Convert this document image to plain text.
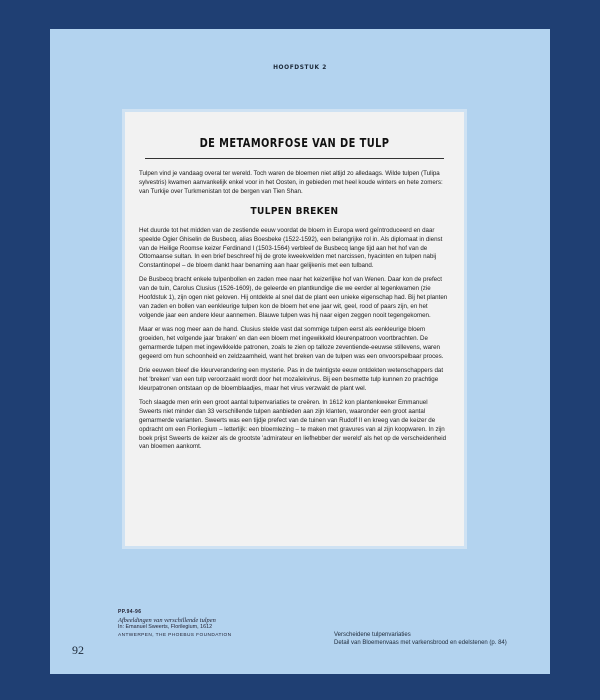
HOOFDSTUK 2
DE METAMORFOSE VAN DE TULP

Tulpen vind je vandaag overal ter wereld. Toch waren de bloemen niet altijd zo alledaags. Wilde tulpen (Tulipa sylvestris) kwamen aanvankelijk enkel voor in het Oosten, in gebieden met heel koude winters en hete zomers: van Turkije over Turkmenistan tot de bergen van Tien Shan.

TULPEN BREKEN

Het duurde tot het midden van de zestiende eeuw voordat de bloem in Europa werd geïntroduceerd en daar speelde Ogier Ghiselin de Busbecq, alias Boesbeke (1522-1592), een belangrijke rol in. Als diplomaat in dienst van de Heilige Roomse keizer Ferdinand I (1503-1564) verbleef de Busbecq lange tijd aan het hof van de Ottomaanse sultan. In een brief beschreef hij de grote kweekvelden met narcissen, hyacinten en tulpen nabij Constantinopel – de bloem dankt haar benaming aan haar gelijkenis met een tulband.

De Busbecq bracht enkele tulpenbollen en zaden mee naar het keizerlijke hof van Wenen. Daar kon de prefect van de tuin, Carolus Clusius (1526-1609), de geleerde en plantkundige die we eerder al tegenkwamen (zie Hoofdstuk 1), zijn ogen niet geloven. Hij ontdekte al snel dat de plant een unieke eigenschap had. Bij het planten van zaden en bollen van eenkleurige tulpen kon de bloem het ene jaar wit, geel, rood of paars zijn, en het volgende jaar een andere kleur aannemen. Blauwe tulpen was hij naar eigen zeggen nooit tegengekomen.

Maar er was nog meer aan de hand. Clusius stelde vast dat sommige tulpen eerst als eenkleurige bloem groeiden, het volgende jaar 'braken' en dan een bloem met ingewikkeld kleurenpatroon voortbrachten. De gemarmerde tulpen met ingewikkelde patronen, zoals te zien op talloze zeventiende-eeuwse stillevens, waren gegeerd om hun schoonheid en zeldzaamheid, want het breken van de tulpen was een onvoorspelbaar proces.

Drie eeuwen bleef die kleurverandering een mysterie. Pas in de twintigste eeuw ontdekten wetenschappers dat het 'breken' van een tulp veroorzaakt wordt door het mozaïekvirus. Bij een besmette tulp kunnen zo prachtige kleurpatronen ontstaan op de bloemblaadjes, maar het virus verzwakt de plant wel.

Toch slaagde men erin een groot aantal tulpenvariaties te creëren. In 1612 kon plantenkweker Emmanuel Sweerts niet minder dan 33 verschillende tulpen aanbieden aan zijn klanten, waaronder een groot aantal gemarmerde varianten. Sweerts was een tijdje prefect van de tuinen van Rudolf II en kreeg van de keizer de opdracht om een Florilegium – letterlijk: een bloemlezing – te maken met gravures van al zijn koopwaren. In zijn boek prijst Sweerts de keizer als de grootste 'admirateur en liefhebber der wereld' als het op de verscheidenheid van bloemen aankomt.

PP.94-96
Afbeeldingen van verschillende tulpen
In: Emanuel Sweerts, Florilegium, 1612
ANTWERPEN, THE PHOEBUS FOUNDATION	Verscheidene tulpenvariaties
Detail van Bloemenvaas met varkensbrood en edelstenen (p. 84)
92
